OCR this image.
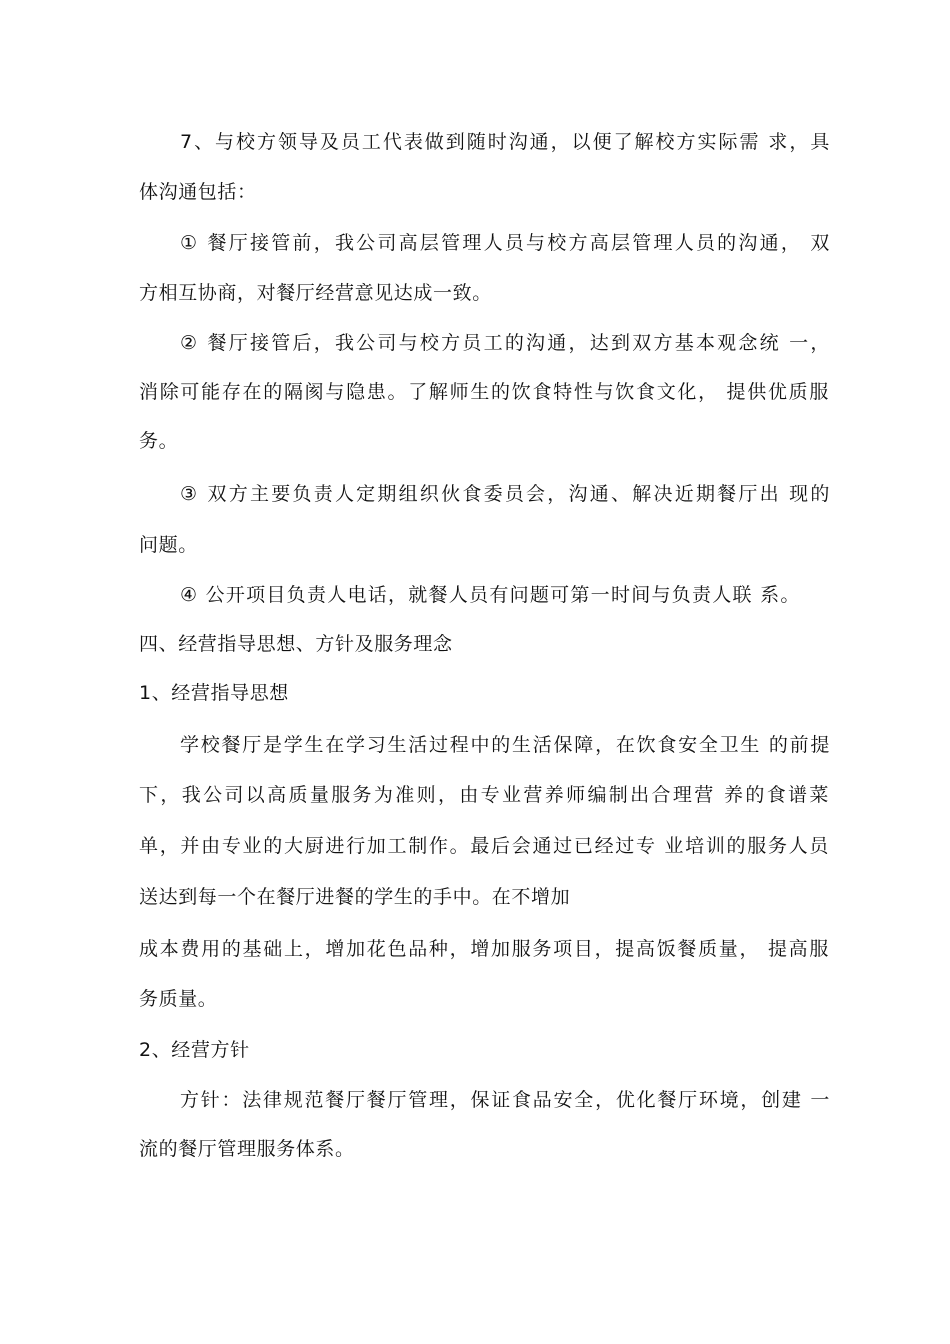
7、与校方领导及员工代表做到随时沟通，以便了解校方实际需 求，具
体沟通包括：
① 餐厅接管前，我公司高层管理人员与校方高层管理人员的沟通， 双
方相互协商，对餐厅经营意见达成一致。
② 餐厅接管后，我公司与校方员工的沟通，达到双方基本观念统 一，
消除可能存在的隔阂与隐患。了解师生的饮食特性与饮食文化， 提供优质服
务。
③ 双方主要负责人定期组织伙食委员会，沟通、解决近期餐厅出 现的
问题。
④ 公开项目负责人电话，就餐人员有问题可第一时间与负责人联 系。
四、经营指导思想、方针及服务理念
1、经营指导思想
学校餐厅是学生在学习生活过程中的生活保障，在饮食安全卫生 的前提
下，我公司以高质量服务为准则，由专业营养师编制出合理营 养的食谱菜
单，并由专业的大厨进行加工制作。最后会通过已经过专 业培训的服务人员
送达到每一个在餐厅进餐的学生的手中。在不增加
成本费用的基础上，增加花色品种，增加服务项目，提高饭餐质量， 提高服
务质量。
2、经营方针
方针：法律规范餐厅餐厅管理，保证食品安全，优化餐厅环境，创建 一
流的餐厅管理服务体系。
